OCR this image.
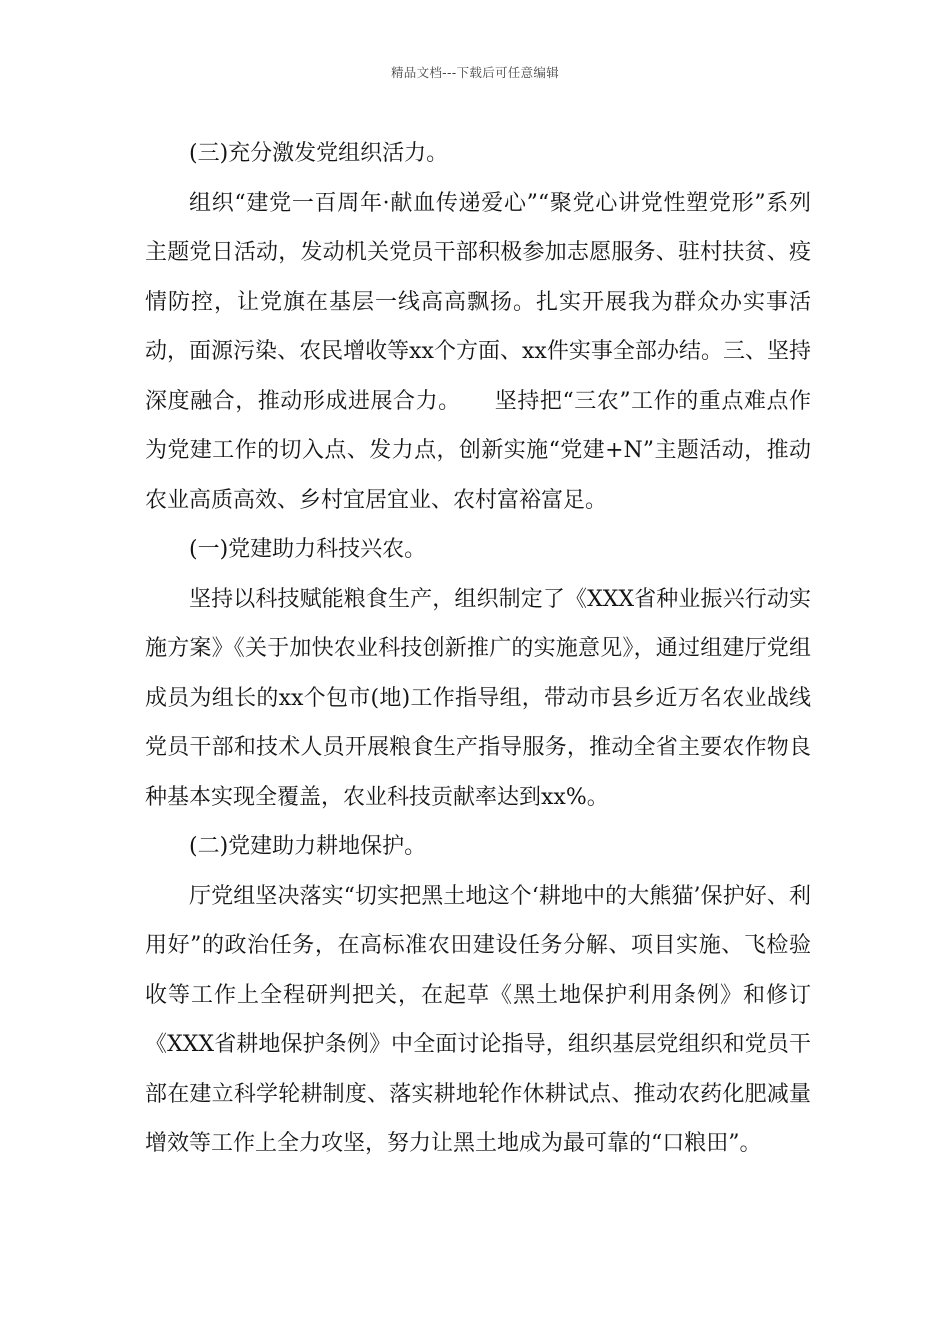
精品文档---下载后可任意编辑

(三)充分激发党组织活力。

组织“建党一百周年·献血传递爱心”“聚党心讲党性塑党形”系列主题党日活动，发动机关党员干部积极参加志愿服务、驻村扶贫、疫情防控，让党旗在基层一线高高飘扬。扎实开展我为群众办实事活动，面源污染、农民增收等xx个方面、xx件实事全部办结。三、坚持深度融合，推动形成进展合力。　　坚持把“三农”工作的重点难点作为党建工作的切入点、发力点，创新实施“党建+N”主题活动，推动农业高质高效、乡村宜居宜业、农村富裕富足。

(一)党建助力科技兴农。

坚持以科技赋能粮食生产，组织制定了《XXX省种业振兴行动实施方案》《关于加快农业科技创新推广的实施意见》，通过组建厅党组成员为组长的xx个包市(地)工作指导组，带动市县乡近万名农业战线党员干部和技术人员开展粮食生产指导服务，推动全省主要农作物良种基本实现全覆盖，农业科技贡献率达到xx%。

(二)党建助力耕地保护。

厅党组坚决落实“切实把黑土地这个‘耕地中的大熊猫’保护好、利用好”的政治任务，在高标准农田建设任务分解、项目实施、飞检验收等工作上全程研判把关，在起草《黑土地保护利用条例》和修订《XXX省耕地保护条例》中全面讨论指导，组织基层党组织和党员干部在建立科学轮耕制度、落实耕地轮作休耕试点、推动农药化肥减量增效等工作上全力攻坚，努力让黑土地成为最可靠的“口粮田”。
